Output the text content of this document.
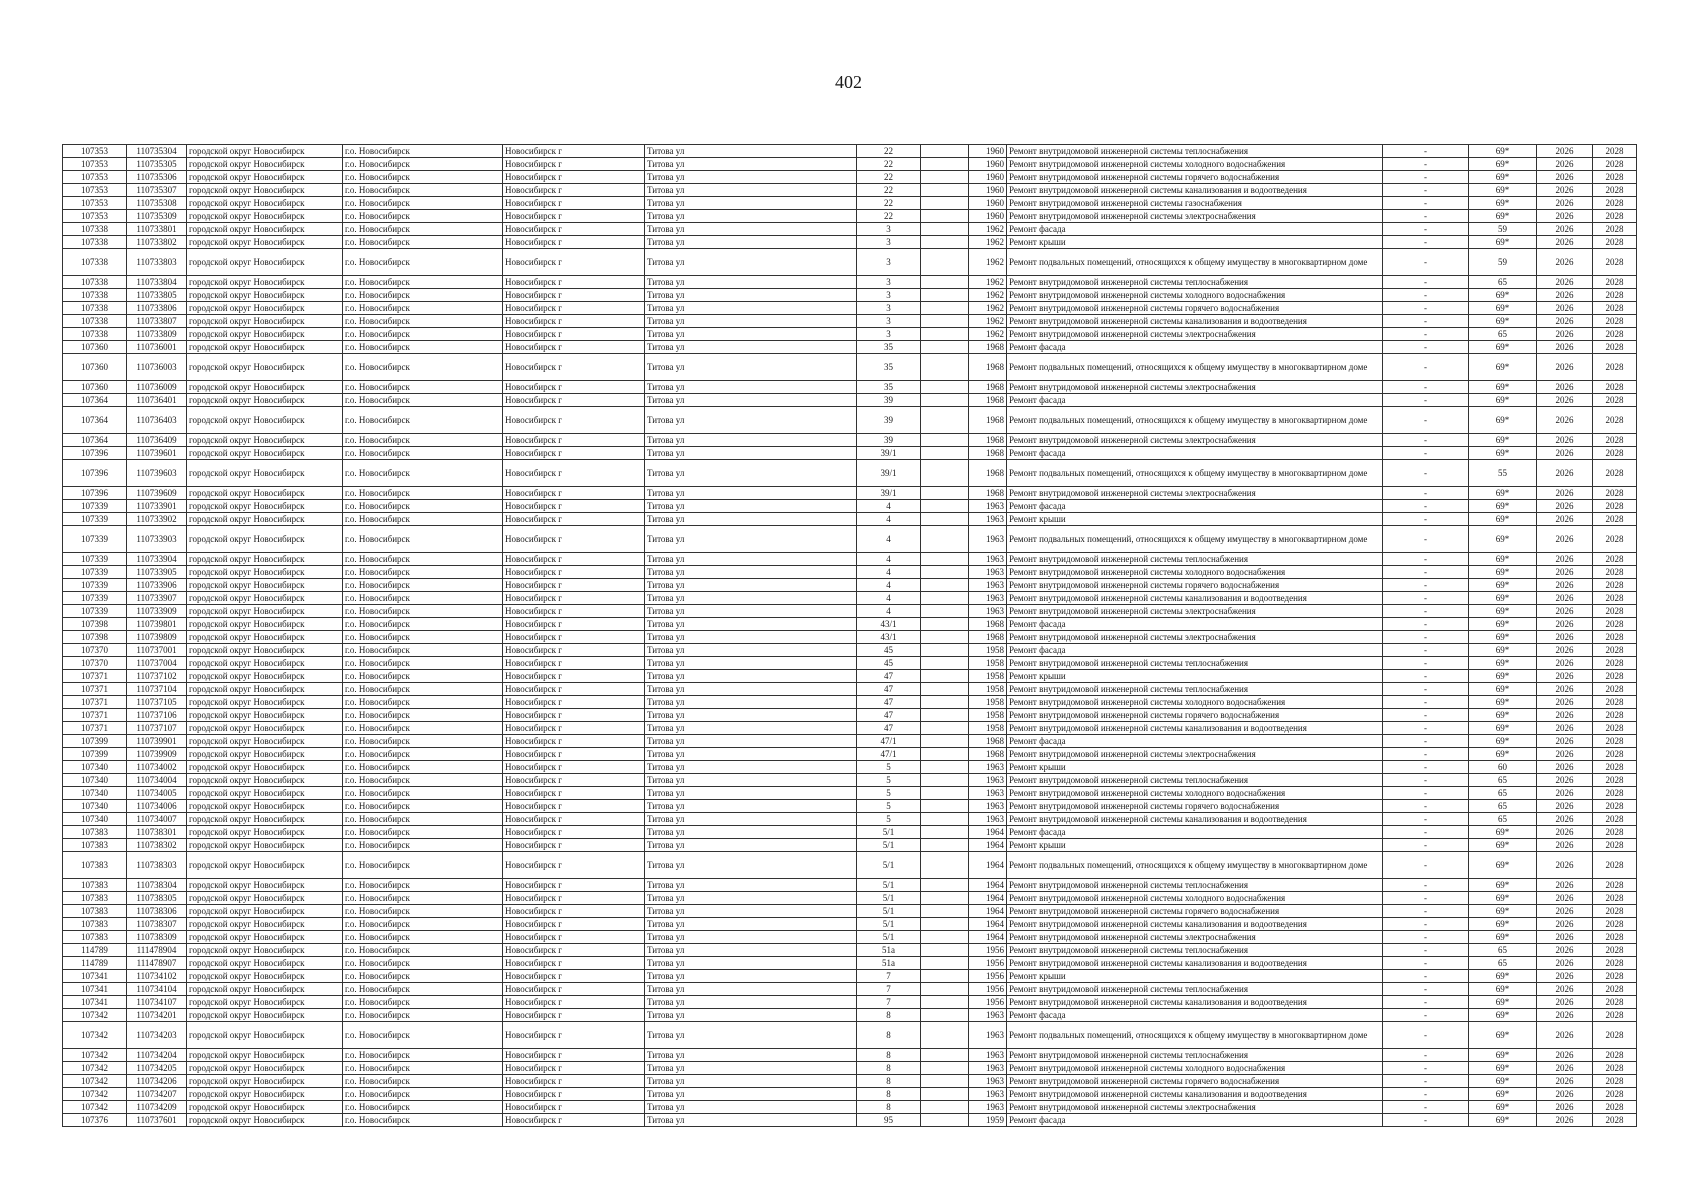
402
107353	110735304	городской округ Новосибирск	г.о. Новосибирск	Новосибирск г	Титова ул	22		1960	Ремонт внутридомовой инженерной системы теплоснабжения	-	69*	2026	2028
107353	110735305	городской округ Новосибирск	г.о. Новосибирск	Новосибирск г	Титова ул	22		1960	Ремонт внутридомовой инженерной системы холодного водоснабжения	-	69*	2026	2028
107353	110735306	городской округ Новосибирск	г.о. Новосибирск	Новосибирск г	Титова ул	22		1960	Ремонт внутридомовой инженерной системы горячего водоснабжения	-	69*	2026	2028
107353	110735307	городской округ Новосибирск	г.о. Новосибирск	Новосибирск г	Титова ул	22		1960	Ремонт внутридомовой инженерной системы канализования и водоотведения	-	69*	2026	2028
107353	110735308	городской округ Новосибирск	г.о. Новосибирск	Новосибирск г	Титова ул	22		1960	Ремонт внутридомовой инженерной системы газоснабжения	-	69*	2026	2028
107353	110735309	городской округ Новосибирск	г.о. Новосибирск	Новосибирск г	Титова ул	22		1960	Ремонт внутридомовой инженерной системы электроснабжения	-	69*	2026	2028
107338	110733801	городской округ Новосибирск	г.о. Новосибирск	Новосибирск г	Титова ул	3		1962	Ремонт фасада	-	59	2026	2028
107338	110733802	городской округ Новосибирск	г.о. Новосибирск	Новосибирск г	Титова ул	3		1962	Ремонт крыши	-	69*	2026	2028
107338	110733803	городской округ Новосибирск	г.о. Новосибирск	Новосибирск г	Титова ул	3		1962	Ремонт подвальных помещений, относящихся к общему имуществу в многоквартирном доме	-	59	2026	2028
107338	110733804	городской округ Новосибирск	г.о. Новосибирск	Новосибирск г	Титова ул	3		1962	Ремонт внутридомовой инженерной системы теплоснабжения	-	65	2026	2028
107338	110733805	городской округ Новосибирск	г.о. Новосибирск	Новосибирск г	Титова ул	3		1962	Ремонт внутридомовой инженерной системы холодного водоснабжения	-	69*	2026	2028
107338	110733806	городской округ Новосибирск	г.о. Новосибирск	Новосибирск г	Титова ул	3		1962	Ремонт внутридомовой инженерной системы горячего водоснабжения	-	69*	2026	2028
107338	110733807	городской округ Новосибирск	г.о. Новосибирск	Новосибирск г	Титова ул	3		1962	Ремонт внутридомовой инженерной системы канализования и водоотведения	-	69*	2026	2028
107338	110733809	городской округ Новосибирск	г.о. Новосибирск	Новосибирск г	Титова ул	3		1962	Ремонт внутридомовой инженерной системы электроснабжения	-	65	2026	2028
107360	110736001	городской округ Новосибирск	г.о. Новосибирск	Новосибирск г	Титова ул	35		1968	Ремонт фасада	-	69*	2026	2028
107360	110736003	городской округ Новосибирск	г.о. Новосибирск	Новосибирск г	Титова ул	35		1968	Ремонт подвальных помещений, относящихся к общему имуществу в многоквартирном доме	-	69*	2026	2028
107360	110736009	городской округ Новосибирск	г.о. Новосибирск	Новосибирск г	Титова ул	35		1968	Ремонт внутридомовой инженерной системы электроснабжения	-	69*	2026	2028
107364	110736401	городской округ Новосибирск	г.о. Новосибирск	Новосибирск г	Титова ул	39		1968	Ремонт фасада	-	69*	2026	2028
107364	110736403	городской округ Новосибирск	г.о. Новосибирск	Новосибирск г	Титова ул	39		1968	Ремонт подвальных помещений, относящихся к общему имуществу в многоквартирном доме	-	69*	2026	2028
107364	110736409	городской округ Новосибирск	г.о. Новосибирск	Новосибирск г	Титова ул	39		1968	Ремонт внутридомовой инженерной системы электроснабжения	-	69*	2026	2028
107396	110739601	городской округ Новосибирск	г.о. Новосибирск	Новосибирск г	Титова ул	39/1		1968	Ремонт фасада	-	69*	2026	2028
107396	110739603	городской округ Новосибирск	г.о. Новосибирск	Новосибирск г	Титова ул	39/1		1968	Ремонт подвальных помещений, относящихся к общему имуществу в многоквартирном доме	-	55	2026	2028
107396	110739609	городской округ Новосибирск	г.о. Новосибирск	Новосибирск г	Титова ул	39/1		1968	Ремонт внутридомовой инженерной системы электроснабжения	-	69*	2026	2028
107339	110733901	городской округ Новосибирск	г.о. Новосибирск	Новосибирск г	Титова ул	4		1963	Ремонт фасада	-	69*	2026	2028
107339	110733902	городской округ Новосибирск	г.о. Новосибирск	Новосибирск г	Титова ул	4		1963	Ремонт крыши	-	69*	2026	2028
107339	110733903	городской округ Новосибирск	г.о. Новосибирск	Новосибирск г	Титова ул	4		1963	Ремонт подвальных помещений, относящихся к общему имуществу в многоквартирном доме	-	69*	2026	2028
107339	110733904	городской округ Новосибирск	г.о. Новосибирск	Новосибирск г	Титова ул	4		1963	Ремонт внутридомовой инженерной системы теплоснабжения	-	69*	2026	2028
107339	110733905	городской округ Новосибирск	г.о. Новосибирск	Новосибирск г	Титова ул	4		1963	Ремонт внутридомовой инженерной системы холодного водоснабжения	-	69*	2026	2028
107339	110733906	городской округ Новосибирск	г.о. Новосибирск	Новосибирск г	Титова ул	4		1963	Ремонт внутридомовой инженерной системы горячего водоснабжения	-	69*	2026	2028
107339	110733907	городской округ Новосибирск	г.о. Новосибирск	Новосибирск г	Титова ул	4		1963	Ремонт внутридомовой инженерной системы канализования и водоотведения	-	69*	2026	2028
107339	110733909	городской округ Новосибирск	г.о. Новосибирск	Новосибирск г	Титова ул	4		1963	Ремонт внутридомовой инженерной системы электроснабжения	-	69*	2026	2028
107398	110739801	городской округ Новосибирск	г.о. Новосибирск	Новосибирск г	Титова ул	43/1		1968	Ремонт фасада	-	69*	2026	2028
107398	110739809	городской округ Новосибирск	г.о. Новосибирск	Новосибирск г	Титова ул	43/1		1968	Ремонт внутридомовой инженерной системы электроснабжения	-	69*	2026	2028
107370	110737001	городской округ Новосибирск	г.о. Новосибирск	Новосибирск г	Титова ул	45		1958	Ремонт фасада	-	69*	2026	2028
107370	110737004	городской округ Новосибирск	г.о. Новосибирск	Новосибирск г	Титова ул	45		1958	Ремонт внутридомовой инженерной системы теплоснабжения	-	69*	2026	2028
107371	110737102	городской округ Новосибирск	г.о. Новосибирск	Новосибирск г	Титова ул	47		1958	Ремонт крыши	-	69*	2026	2028
107371	110737104	городской округ Новосибирск	г.о. Новосибирск	Новосибирск г	Титова ул	47		1958	Ремонт внутридомовой инженерной системы теплоснабжения	-	69*	2026	2028
107371	110737105	городской округ Новосибирск	г.о. Новосибирск	Новосибирск г	Титова ул	47		1958	Ремонт внутридомовой инженерной системы холодного водоснабжения	-	69*	2026	2028
107371	110737106	городской округ Новосибирск	г.о. Новосибирск	Новосибирск г	Титова ул	47		1958	Ремонт внутридомовой инженерной системы горячего водоснабжения	-	69*	2026	2028
107371	110737107	городской округ Новосибирск	г.о. Новосибирск	Новосибирск г	Титова ул	47		1958	Ремонт внутридомовой инженерной системы канализования и водоотведения	-	69*	2026	2028
107399	110739901	городской округ Новосибирск	г.о. Новосибирск	Новосибирск г	Титова ул	47/1		1968	Ремонт фасада	-	69*	2026	2028
107399	110739909	городской округ Новосибирск	г.о. Новосибирск	Новосибирск г	Титова ул	47/1		1968	Ремонт внутридомовой инженерной системы электроснабжения	-	69*	2026	2028
107340	110734002	городской округ Новосибирск	г.о. Новосибирск	Новосибирск г	Титова ул	5		1963	Ремонт крыши	-	60	2026	2028
107340	110734004	городской округ Новосибирск	г.о. Новосибирск	Новосибирск г	Титова ул	5		1963	Ремонт внутридомовой инженерной системы теплоснабжения	-	65	2026	2028
107340	110734005	городской округ Новосибирск	г.о. Новосибирск	Новосибирск г	Титова ул	5		1963	Ремонт внутридомовой инженерной системы холодного водоснабжения	-	65	2026	2028
107340	110734006	городской округ Новосибирск	г.о. Новосибирск	Новосибирск г	Титова ул	5		1963	Ремонт внутридомовой инженерной системы горячего водоснабжения	-	65	2026	2028
107340	110734007	городской округ Новосибирск	г.о. Новосибирск	Новосибирск г	Титова ул	5		1963	Ремонт внутридомовой инженерной системы канализования и водоотведения	-	65	2026	2028
107383	110738301	городской округ Новосибирск	г.о. Новосибирск	Новосибирск г	Титова ул	5/1		1964	Ремонт фасада	-	69*	2026	2028
107383	110738302	городской округ Новосибирск	г.о. Новосибирск	Новосибирск г	Титова ул	5/1		1964	Ремонт крыши	-	69*	2026	2028
107383	110738303	городской округ Новосибирск	г.о. Новосибирск	Новосибирск г	Титова ул	5/1		1964	Ремонт подвальных помещений, относящихся к общему имуществу в многоквартирном доме	-	69*	2026	2028
107383	110738304	городской округ Новосибирск	г.о. Новосибирск	Новосибирск г	Титова ул	5/1		1964	Ремонт внутридомовой инженерной системы теплоснабжения	-	69*	2026	2028
107383	110738305	городской округ Новосибирск	г.о. Новосибирск	Новосибирск г	Титова ул	5/1		1964	Ремонт внутридомовой инженерной системы холодного водоснабжения	-	69*	2026	2028
107383	110738306	городской округ Новосибирск	г.о. Новосибирск	Новосибирск г	Титова ул	5/1		1964	Ремонт внутридомовой инженерной системы горячего водоснабжения	-	69*	2026	2028
107383	110738307	городской округ Новосибирск	г.о. Новосибирск	Новосибирск г	Титова ул	5/1		1964	Ремонт внутридомовой инженерной системы канализования и водоотведения	-	69*	2026	2028
107383	110738309	городской округ Новосибирск	г.о. Новосибирск	Новосибирск г	Титова ул	5/1		1964	Ремонт внутридомовой инженерной системы электроснабжения	-	69*	2026	2028
114789	111478904	городской округ Новосибирск	г.о. Новосибирск	Новосибирск г	Титова ул	51а		1956	Ремонт внутридомовой инженерной системы теплоснабжения	-	65	2026	2028
114789	111478907	городской округ Новосибирск	г.о. Новосибирск	Новосибирск г	Титова ул	51а		1956	Ремонт внутридомовой инженерной системы канализования и водоотведения	-	65	2026	2028
107341	110734102	городской округ Новосибирск	г.о. Новосибирск	Новосибирск г	Титова ул	7		1956	Ремонт крыши	-	69*	2026	2028
107341	110734104	городской округ Новосибирск	г.о. Новосибирск	Новосибирск г	Титова ул	7		1956	Ремонт внутридомовой инженерной системы теплоснабжения	-	69*	2026	2028
107341	110734107	городской округ Новосибирск	г.о. Новосибирск	Новосибирск г	Титова ул	7		1956	Ремонт внутридомовой инженерной системы канализования и водоотведения	-	69*	2026	2028
107342	110734201	городской округ Новосибирск	г.о. Новосибирск	Новосибирск г	Титова ул	8		1963	Ремонт фасада	-	69*	2026	2028
107342	110734203	городской округ Новосибирск	г.о. Новосибирск	Новосибирск г	Титова ул	8		1963	Ремонт подвальных помещений, относящихся к общему имуществу в многоквартирном доме	-	69*	2026	2028
107342	110734204	городской округ Новосибирск	г.о. Новосибирск	Новосибирск г	Титова ул	8		1963	Ремонт внутридомовой инженерной системы теплоснабжения	-	69*	2026	2028
107342	110734205	городской округ Новосибирск	г.о. Новосибирск	Новосибирск г	Титова ул	8		1963	Ремонт внутридомовой инженерной системы холодного водоснабжения	-	69*	2026	2028
107342	110734206	городской округ Новосибирск	г.о. Новосибирск	Новосибирск г	Титова ул	8		1963	Ремонт внутридомовой инженерной системы горячего водоснабжения	-	69*	2026	2028
107342	110734207	городской округ Новосибирск	г.о. Новосибирск	Новосибирск г	Титова ул	8		1963	Ремонт внутридомовой инженерной системы канализования и водоотведения	-	69*	2026	2028
107342	110734209	городской округ Новосибирск	г.о. Новосибирск	Новосибирск г	Титова ул	8		1963	Ремонт внутридомовой инженерной системы электроснабжения	-	69*	2026	2028
107376	110737601	городской округ Новосибирск	г.о. Новосибирск	Новосибирск г	Титова ул	95		1959	Ремонт фасада	-	69*	2026	2028
